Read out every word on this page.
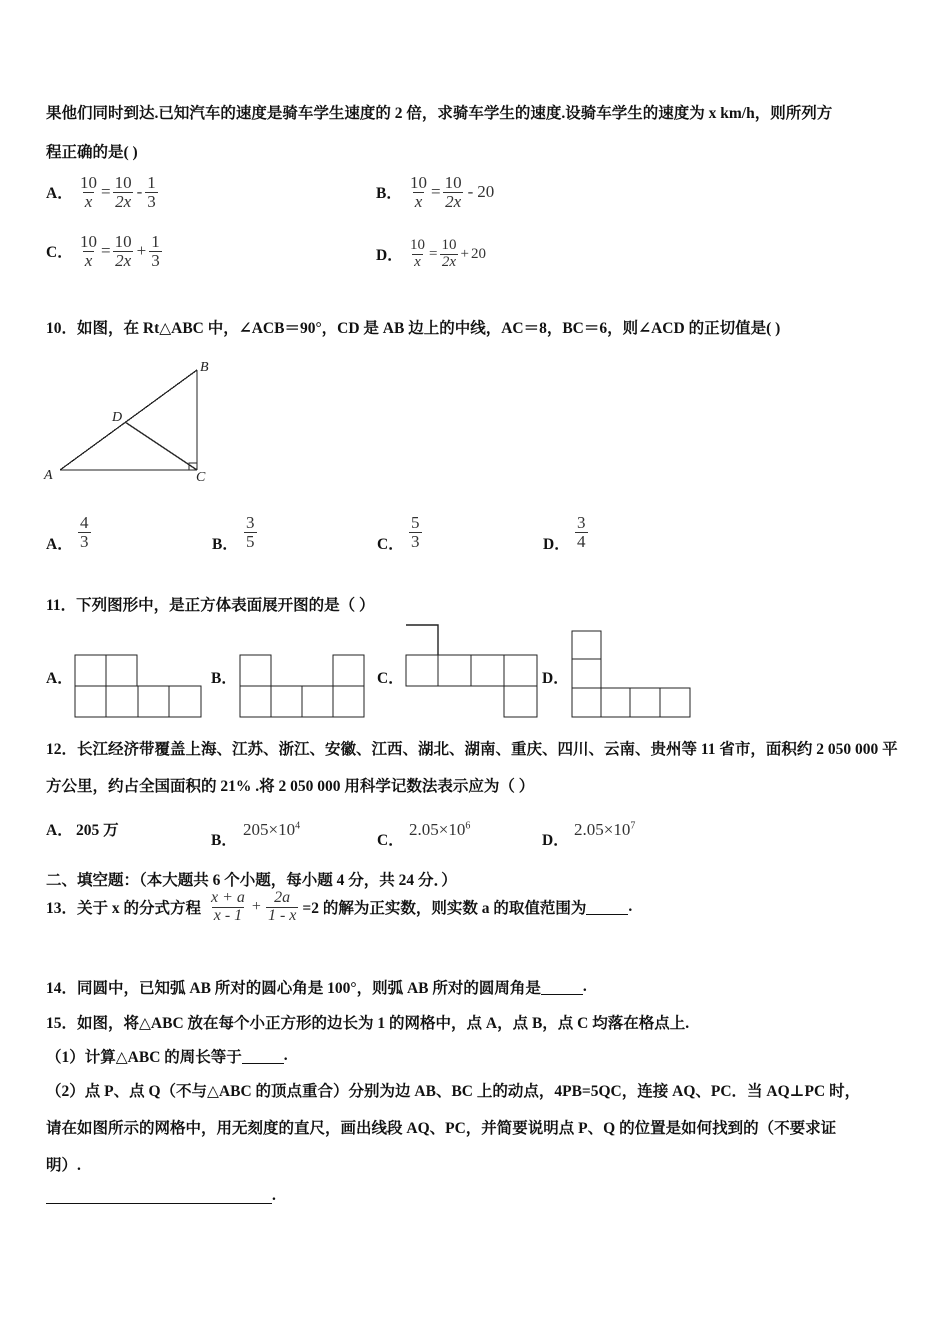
果他们同时到达.已知汽车的速度是骑车学生速度的 2 倍，求骑车学生的速度.设骑车学生的速度为 x km/h，则所列方
程正确的是( )
A． $\frac{10}{x} = \frac{10}{2x} - \frac{1}{3}$	B． $\frac{10}{x} = \frac{10}{2x} - 20$
C． $\frac{10}{x} = \frac{10}{2x} + \frac{1}{3}$	D． $\frac{10}{x} = \frac{10}{2x} + 20$
10．如图，在 Rt△ABC 中，∠ACB＝90°，CD 是 AB 边上的中线，AC＝8，BC＝6，则∠ACD 的正切值是( )
A
B
C
D
A． $\frac{4}{3}$	B． $\frac{3}{5}$	C． $\frac{5}{3}$	D． $\frac{3}{4}$
11．下列图形中，是正方体表面展开图的是（ ）
A．	B．	C．	D．
12．长江经济带覆盖上海、江苏、浙江、安徽、江西、湖北、湖南、重庆、四川、云南、贵州等 11 省市，面积约 2 050 000 平
方公里，约占全国面积的 21% .将 2 050 000 用科学记数法表示应为（ ）
A． 205 万
B．
$205\times 10^4$
C．
$2.05\times 10^6$
D．
$2.05\times 10^7$
二、填空题：（本大题共 6 个小题，每小题 4 分，共 24 分．）
13．关于 x 的分式方程 $\frac{x + a}{x - 1} + \frac{2a}{1 - x} =2$ 的解为正实数，则实数 a 的取值范围为	.
14．同圆中，已知弧 AB 所对的圆心角是 100°，则弧 AB 所对的圆周角是	.
15．如图，将△ABC 放在每个小正方形的边长为 1 的网格中，点 A，点 B，点 C 均落在格点上.
（1）计算△ABC 的周长等于	.
（2）点 P、点 Q（不与△ABC 的顶点重合）分别为边 AB、BC 上的动点，4PB=5QC，连接 AQ、PC．当 AQ⊥PC 时，
请在如图所示的网格中，用无刻度的直尺，画出线段 AQ、PC，并简要说明点 P、Q 的位置是如何找到的（不要求证
明）.
.
